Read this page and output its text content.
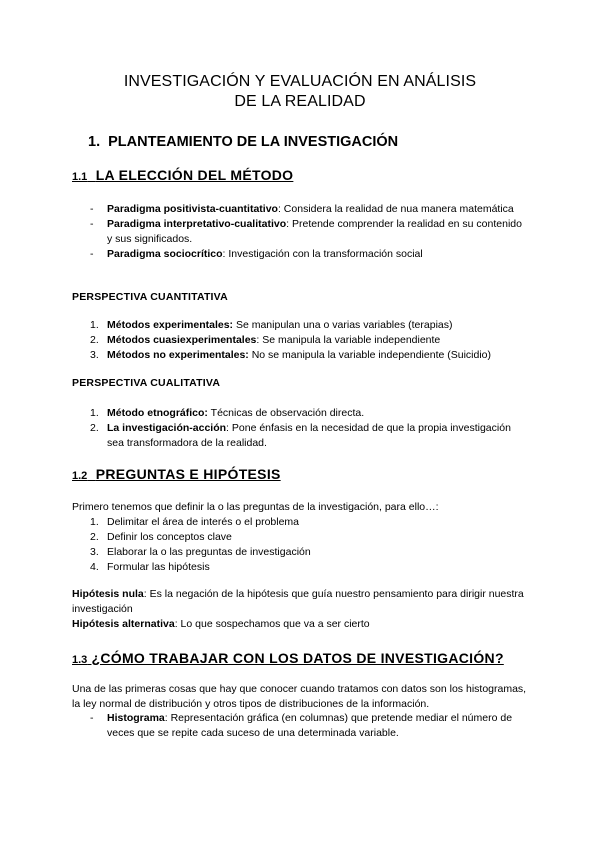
INVESTIGACIÓN Y EVALUACIÓN EN ANÁLISIS
DE LA REALIDAD
1. PLANTEAMIENTO DE LA INVESTIGACIÓN
1.1 LA ELECCIÓN DEL MÉTODO
- Paradigma positivista-cuantitativo: Considera la realidad de nua manera matemática
- Paradigma interpretativo-cualitativo: Pretende comprender la realidad en su contenido y sus significados.
- Paradigma sociocrítico: Investigación con la transformación social
PERSPECTIVA CUANTITATIVA
1. Métodos experimentales: Se manipulan una o varias variables (terapias)
2. Métodos cuasiexperimentales: Se manipula la variable independiente
3. Métodos no experimentales: No se manipula la variable independiente (Suicidio)
PERSPECTIVA CUALITATIVA
1. Método etnográfico: Técnicas de observación directa.
2. La investigación-acción: Pone énfasis en la necesidad de que la propia investigación sea transformadora de la realidad.
1.2 PREGUNTAS E HIPÓTESIS
Primero tenemos que definir la o las preguntas de la investigación, para ello…:
1. Delimitar el área de interés o el problema
2. Definir los conceptos clave
3. Elaborar la o las preguntas de investigación
4. Formular las hipótesis
Hipótesis nula: Es la negación de la hipótesis que guía nuestro pensamiento para dirigir nuestra investigación
Hipótesis alternativa: Lo que sospechamos que va a ser cierto
1.3 ¿CÓMO TRABAJAR CON LOS DATOS DE INVESTIGACIÓN?
Una de las primeras cosas que hay que conocer cuando tratamos con datos son los histogramas, la ley normal de distribución y otros tipos de distribuciones de la información.
- Histograma: Representación gráfica (en columnas) que pretende mediar el número de veces que se repite cada suceso de una determinada variable.
